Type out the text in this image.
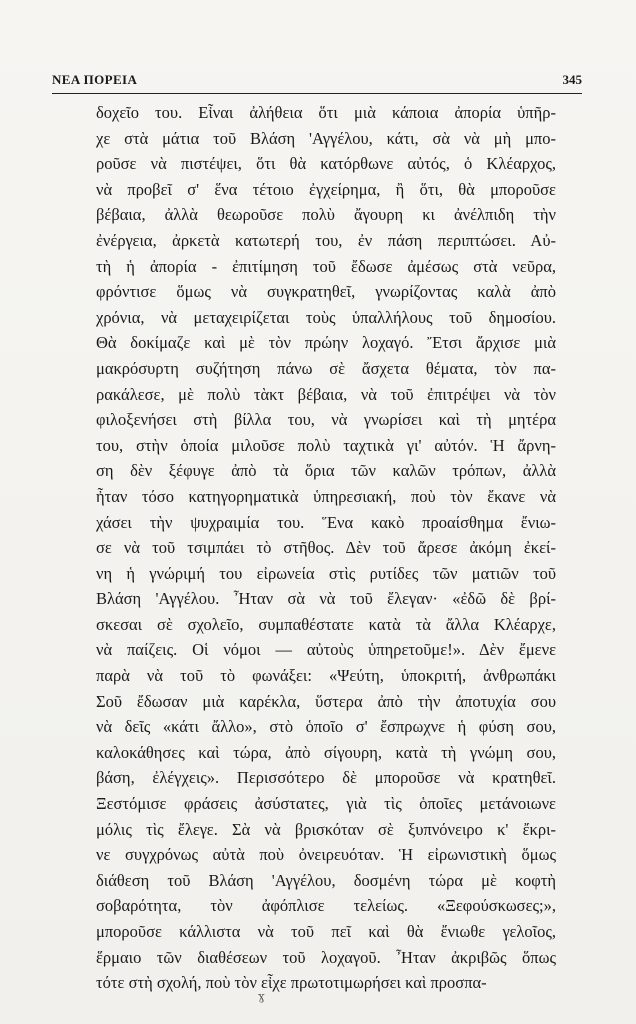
ΝΕΑ ΠΟΡΕΙΑ	345
δοχεῖο του. Εἶναι ἀλήθεια ὅτι μιὰ κάποια ἀπορία ὑπῆρ-
χε στὰ μάτια τοῦ Βλάση 'Αγγέλου, κάτι, σὰ νὰ μὴ μπο-
ροῦσε νὰ πιστέψει, ὅτι θὰ κατόρθωνε αὐτός, ὁ Κλέαρχος,
νὰ προβεῖ σ' ἕνα τέτοιο ἐγχείρημα, ἢ ὅτι, θὰ μποροῦσε
βέβαια, ἀλλὰ θεωροῦσε πολὺ ἄγουρη κι ἀνέλπιδη τὴν
ἐνέργεια, ἀρκετὰ κατωτερή του, ἐν πάση περιπτώσει. Αὐ-
τὴ ἡ ἀπορία - ἐπιτίμηση τοῦ ἔδωσε ἀμέσως στὰ νεῦρα,
φρόντισε ὅμως νὰ συγκρατηθεῖ, γνωρίζοντας καλὰ ἀπὸ
χρόνια, νὰ μεταχειρίζεται τοὺς ὑπαλλήλους τοῦ δημοσίου.
Θὰ δοκίμαζε καὶ μὲ τὸν πρώην λοχαγό. Ἔτσι ἄρχισε μιὰ
μακρόσυρτη συζήτηση πάνω σὲ ἄσχετα θέματα, τὸν πα-
ρακάλεσε, μὲ πολὺ τὰκτ βέβαια, νὰ τοῦ ἐπιτρέψει νὰ τὸν
φιλοξενήσει στὴ βίλλα του, νὰ γνωρίσει καὶ τὴ μητέρα
του, στὴν ὁποία μιλοῦσε πολὺ ταχτικὰ γι' αὐτόν. Ἡ ἄρνη-
ση δὲν ξέφυγε ἀπὸ τὰ ὅρια τῶν καλῶν τρόπων, ἀλλὰ
ἦταν τόσο κατηγορηματικὰ ὑπηρεσιακή, ποὺ τὸν ἔκανε νὰ
χάσει τὴν ψυχραιμία του. Ἕνα κακὸ προαίσθημα ἔνιω-
σε νὰ τοῦ τσιμπάει τὸ στῆθος. Δὲν τοῦ ἄρεσε ἀκόμη ἐκεί-
νη ἡ γνώριμή του εἰρωνεία στὶς ρυτίδες τῶν ματιῶν τοῦ
Βλάση 'Αγγέλου. Ἦταν σὰ νὰ τοῦ ἔλεγαν· «ἐδῶ δὲ βρί-
σκεσαι σὲ σχολεῖο, συμπαθέστατε κατὰ τὰ ἄλλα Κλέαρχε,
νὰ παίζεις. Οἱ νόμοι — αὐτοὺς ὑπηρετοῦμε!». Δὲν ἔμενε
παρὰ νὰ τοῦ τὸ φωνάξει: «Ψεύτη, ὑποκριτή, ἀνθρωπάκι
Σοῦ ἔδωσαν μιὰ καρέκλα, ὕστερα ἀπὸ τὴν ἀποτυχία σου
νὰ δεῖς «κάτι ἄλλο», στὸ ὁποῖο σ' ἔσπρωχνε ἡ φύση σου,
καλοκάθησες καὶ τώρα, ἀπὸ σίγουρη, κατὰ τὴ γνώμη σου,
βάση, ἐλέγχεις». Περισσότερο δὲ μποροῦσε νὰ κρατηθεῖ.
Ξεστόμισε φράσεις ἀσύστατες, γιὰ τὶς ὁποῖες μετάνοιωνε
μόλις τὶς ἔλεγε. Σὰ νὰ βρισκόταν σὲ ξυπνόνειρο κ' ἔκρι-
νε συγχρόνως αὐτὰ ποὺ ὀνειρευόταν. Ἡ εἰρωνιστικὴ ὅμως
διάθεση τοῦ Βλάση 'Αγγέλου, δοσμένη τώρα μὲ κοφτὴ
σοβαρότητα, τὸν ἀφόπλισε τελείως. «Ξεφούσκωσες;»,
μποροῦσε κάλλιστα νὰ τοῦ πεῖ καὶ θὰ ἔνιωθε γελοῖος,
ἕρμαιο τῶν διαθέσεων τοῦ λοχαγοῦ. Ἦταν ἀκριβῶς ὅπως
τότε στὴ σχολή, ποὺ τὸν εἶχε πρωτοτιμωρήσει καὶ προσπα-
ɣ
